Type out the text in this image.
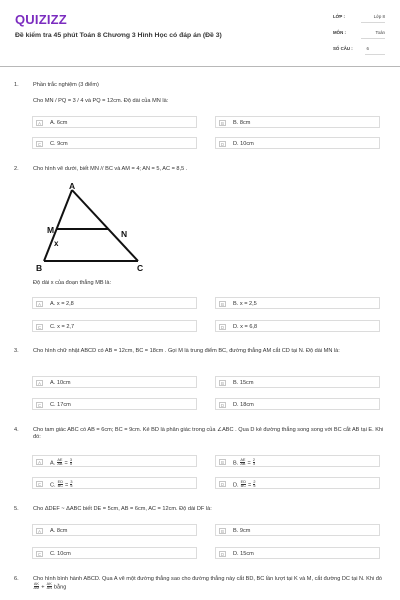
QUIZIZZ
Đề kiểm tra 45 phút Toán 8 Chương 3 Hình Học có đáp án (Đề 3)
LỚP :	Lớp 8
MÔN :	Toán
SỐ CÂU :	6
1.	Phần trắc nghiệm (3 điểm)
Cho MN / PQ = 3 / 4 và PQ = 12cm. Độ dài của MN là:
A	A. 6cm	B	B. 8cm
C	C. 9cm	D	D. 10cm
2.	Cho hình vẽ dưới, biết MN // BC và AM = 4; AN = 5, AC = 8,5 .
A
M	N
x
B	C
Độ dài x của đoạn thẳng MB là:
A	A. x = 2,8	B	B. x = 2,5
C	C. x = 2,7	D	D. x = 6,8
3.	Cho hình chữ nhật ABCD có AB = 12cm, BC = 18cm . Gọi M là trung điểm BC, đường thẳng AM cắt CD tại N. Độ dài MN là:
A	A. 10cm	B	B. 15cm
C	C. 17cm	D	D. 18cm
4.	Cho tam giác ABC có AB = 6cm; BC = 9cm. Kẻ BD là phân giác trong của ∠ABC . Qua D kẻ đường thẳng song song với BC cắt AB tại E. Khi đó:
A	A. $\frac{AE}{AB} = \frac{3}{5}$	B	B. $\frac{AE}{AB} = \frac{2}{3}$
C	C. $\frac{ED}{BC} = \frac{3}{5}$	D	D. $\frac{ED}{BC} = \frac{2}{5}$
5.	Cho ΔDEF ~ ΔABC biết DE = 5cm, AB = 6cm, AC = 12cm. Độ dài DF là:
A	A. 8cm	B	B. 9cm
C	C. 10cm	D	D. 15cm
6.	Cho hình bình hành ABCD. Qua A vẽ một đường thẳng sao cho đường thẳng này cắt BD, BC lần lượt tại K và M, cắt đường DC tại N. Khi đó
$\frac{AK}{AM} + \frac{AK}{AN}$ bằng
